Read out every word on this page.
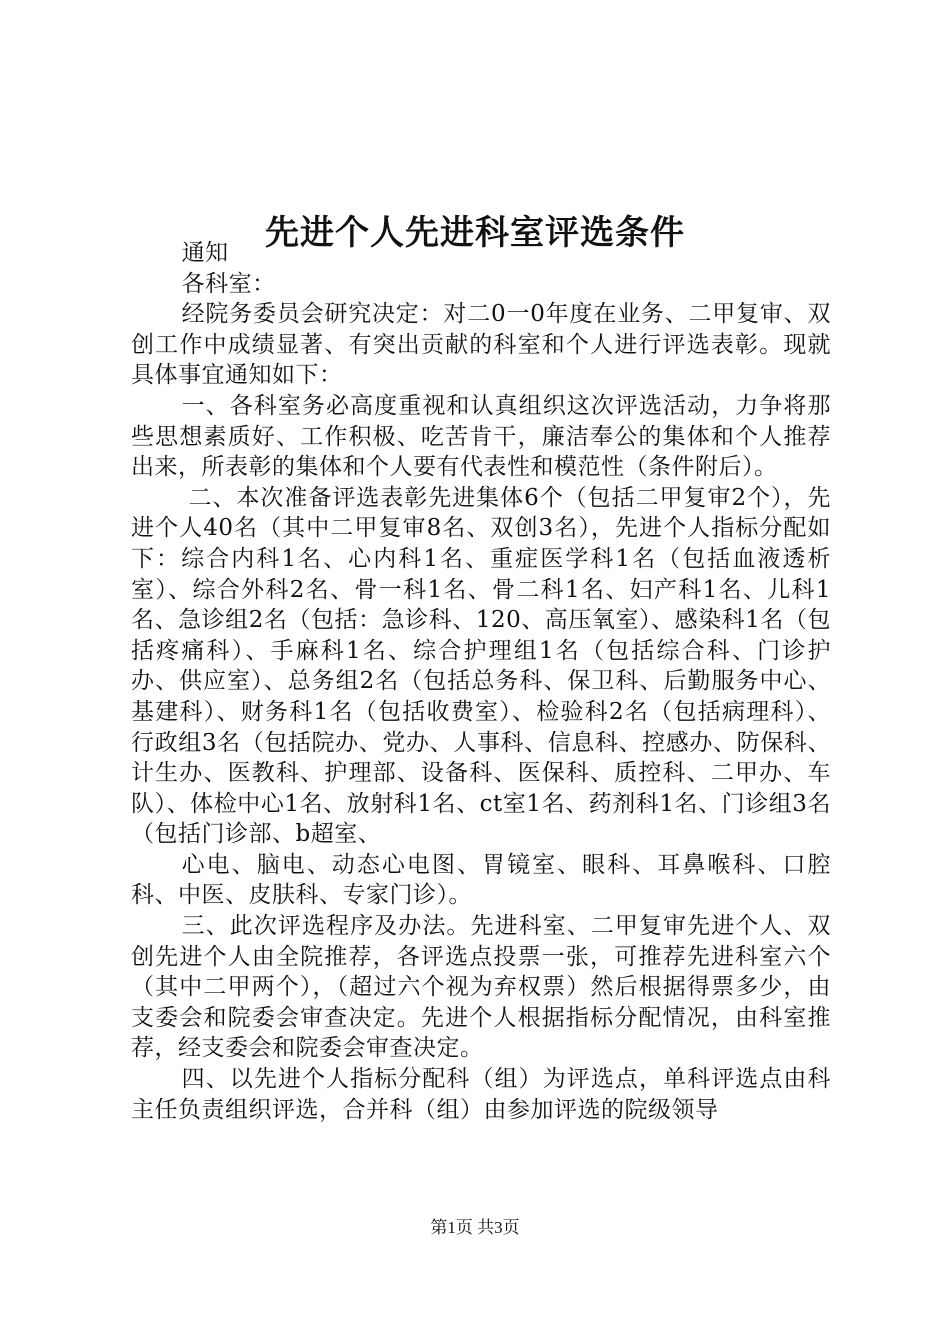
先进个人先进科室评选条件

通知

各科室：

经院务委员会研究决定：对二0一0年度在业务、二甲复审、双创工作中成绩显著、有突出贡献的科室和个人进行评选表彰。现就具体事宜通知如下：

一、各科室务必高度重视和认真组织这次评选活动，力争将那些思想素质好、工作积极、吃苦肯干，廉洁奉公的集体和个人推荐出来，所表彰的集体和个人要有代表性和模范性（条件附后）。

二、本次准备评选表彰先进集体6个（包括二甲复审2个），先进个人40名（其中二甲复审8名、双创3名），先进个人指标分配如下：综合内科1名、心内科1名、重症医学科1名（包括血液透析室）、综合外科2名、骨一科1名、骨二科1名、妇产科1名、儿科1名、急诊组2名（包括：急诊科、120、高压氧室）、感染科1名（包括疼痛科）、手麻科1名、综合护理组1名（包括综合科、门诊护办、供应室）、总务组2名（包括总务科、保卫科、后勤服务中心、基建科）、财务科1名（包括收费室）、检验科2名（包括病理科）、行政组3名（包括院办、党办、人事科、信息科、控感办、防保科、计生办、医教科、护理部、设备科、医保科、质控科、二甲办、车队）、体检中心1名、放射科1名、ct室1名、药剂科1名、门诊组3名（包括门诊部、b超室、

心电、脑电、动态心电图、胃镜室、眼科、耳鼻喉科、口腔科、中医、皮肤科、专家门诊）。

三、此次评选程序及办法。先进科室、二甲复审先进个人、双创先进个人由全院推荐，各评选点投票一张，可推荐先进科室六个（其中二甲两个），（超过六个视为弃权票）然后根据得票多少，由支委会和院委会审查决定。先进个人根据指标分配情况，由科室推荐，经支委会和院委会审查决定。

四、以先进个人指标分配科（组）为评选点，单科评选点由科主任负责组织评选，合并科（组）由参加评选的院级领导

第1页 共3页
